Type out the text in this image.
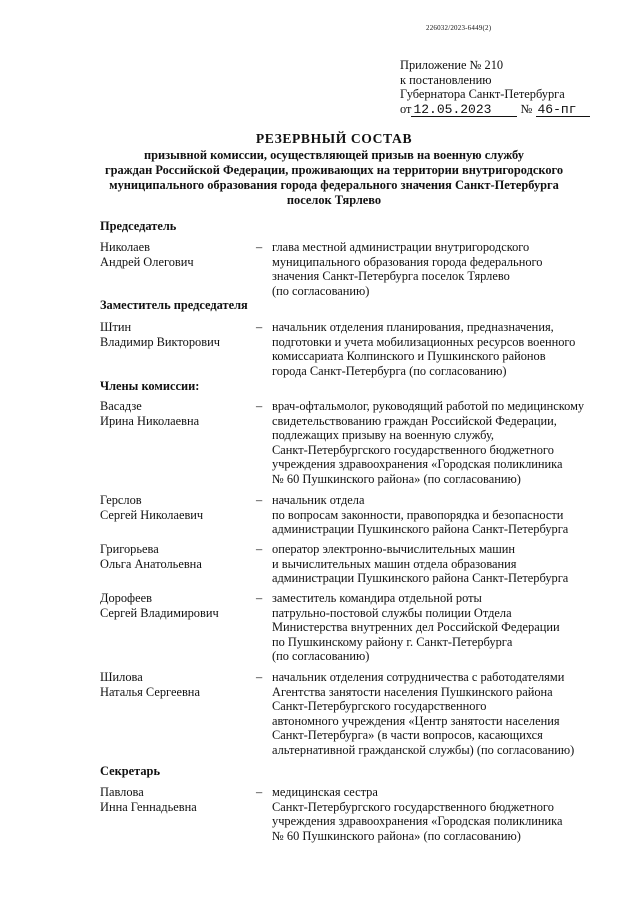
226032/2023-6449(2)
Приложение № 210
к постановлению
Губернатора Санкт-Петербурга
от 12.05.2023 № 46-пг
РЕЗЕРВНЫЙ СОСТАВ
призывной комиссии, осуществляющей призыв на военную службу
граждан Российской Федерации, проживающих на территории внутригородского
муниципального образования города федерального значения Санкт-Петербурга
поселок Тярлево
Председатель
Николаев
Андрей Олегович
– глава местной администрации внутригородского
муниципального образования города федерального
значения Санкт-Петербурга поселок Тярлево
(по согласованию)
Заместитель председателя
Штин
Владимир Викторович
– начальник отделения планирования, предназначения,
подготовки и учета мобилизационных ресурсов военного
комиссариата Колпинского и Пушкинского районов
города Санкт-Петербурга (по согласованию)
Члены комиссии:
Васадзе
Ирина Николаевна
– врач-офтальмолог, руководящий работой по медицинскому
свидетельствованию граждан Российской Федерации,
подлежащих призыву на военную службу,
Санкт-Петербургского государственного бюджетного
учреждения здравоохранения «Городская поликлиника
№ 60 Пушкинского района» (по согласованию)
Герслов
Сергей Николаевич
– начальник отдела
по вопросам законности, правопорядка и безопасности
администрации Пушкинского района Санкт-Петербурга
Григорьева
Ольга Анатольевна
– оператор электронно-вычислительных машин
и вычислительных машин отдела образования
администрации Пушкинского района Санкт-Петербурга
Дорофеев
Сергей Владимирович
– заместитель командира отдельной роты
патрульно-постовой службы полиции Отдела
Министерства внутренних дел Российской Федерации
по Пушкинскому району г. Санкт-Петербурга
(по согласованию)
Шилова
Наталья Сергеевна
– начальник отделения сотрудничества с работодателями
Агентства занятости населения Пушкинского района
Санкт-Петербургского государственного
автономного учреждения «Центр занятости населения
Санкт-Петербурга» (в части вопросов, касающихся
альтернативной гражданской службы) (по согласованию)
Секретарь
Павлова
Инна Геннадьевна
– медицинская сестра
Санкт-Петербургского государственного бюджетного
учреждения здравоохранения «Городская поликлиника
№ 60 Пушкинского района» (по согласованию)
